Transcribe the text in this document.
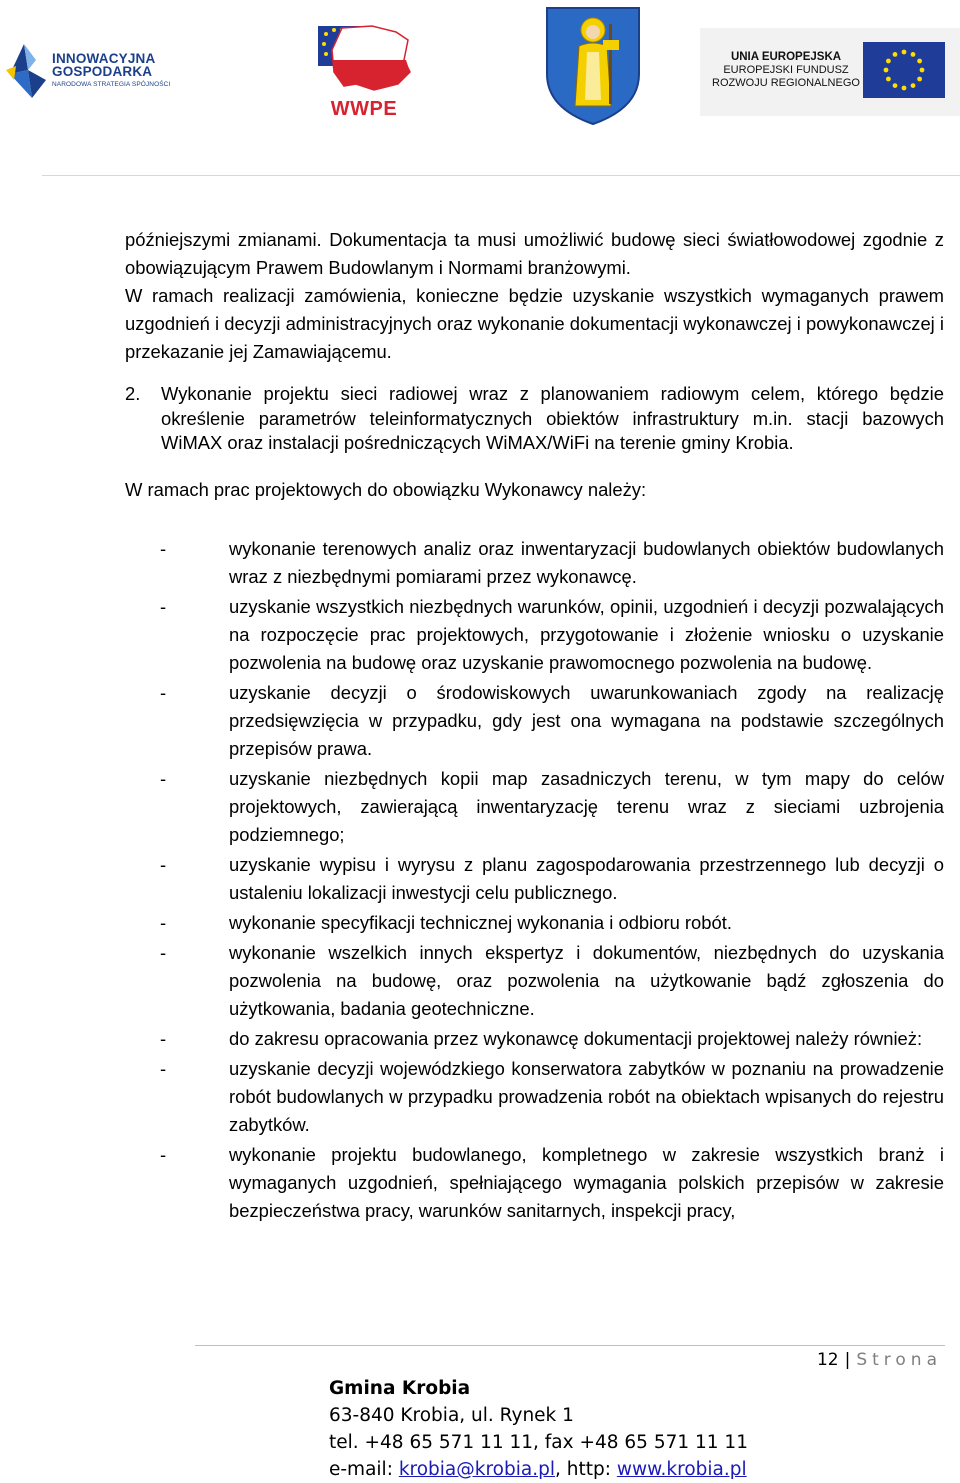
INNOWACYJNA
GOSPODARKA
NARODOWA STRATEGIA SPÓJNOŚCI
WWPE
UNIA EUROPEJSKA
EUROPEJSKI FUNDUSZ
ROZWOJU REGIONALNEGO

późniejszymi zmianami. Dokumentacja ta musi umożliwić budowę sieci światłowodowej zgodnie z obowiązującym Prawem Budowlanym i Normami branżowymi.

W ramach realizacji zamówienia, konieczne będzie uzyskanie wszystkich wymaganych prawem uzgodnień i decyzji administracyjnych oraz wykonanie dokumentacji wykonawczej i powykonawczej i przekazanie jej Zamawiającemu.

2.	Wykonanie projektu sieci radiowej wraz z planowaniem radiowym celem, którego będzie określenie parametrów teleinformatycznych obiektów infrastruktury m.in. stacji bazowych WiMAX oraz instalacji pośredniczących WiMAX/WiFi na terenie gminy Krobia.

W ramach prac projektowych do obowiązku Wykonawcy należy:

-	wykonanie terenowych analiz oraz inwentaryzacji budowlanych obiektów budowlanych wraz z niezbędnymi pomiarami przez wykonawcę.
-	uzyskanie wszystkich niezbędnych warunków, opinii, uzgodnień i decyzji pozwalających na rozpoczęcie prac projektowych, przygotowanie i złożenie wniosku o uzyskanie pozwolenia na budowę oraz uzyskanie prawomocnego pozwolenia na budowę.
-	uzyskanie decyzji o środowiskowych uwarunkowaniach zgody na realizację przedsięwzięcia w przypadku, gdy jest ona wymagana na podstawie szczególnych przepisów prawa.
-	uzyskanie niezbędnych kopii map zasadniczych terenu, w tym mapy do celów projektowych, zawierającą inwentaryzację terenu wraz z sieciami uzbrojenia podziemnego;
-	uzyskanie wypisu i wyrysu z planu zagospodarowania przestrzennego lub decyzji o ustaleniu lokalizacji inwestycji celu publicznego.
-	wykonanie specyfikacji technicznej wykonania i odbioru robót.
-	wykonanie wszelkich innych ekspertyz i dokumentów, niezbędnych do uzyskania pozwolenia na budowę, oraz pozwolenia na użytkowanie bądź zgłoszenia do użytkowania, badania geotechniczne.
-	do zakresu opracowania przez wykonawcę dokumentacji projektowej należy również:
-	uzyskanie decyzji wojewódzkiego konserwatora zabytków w poznaniu na prowadzenie robót budowlanych w przypadku prowadzenia robót na obiektach wpisanych do rejestru zabytków.
-	wykonanie projektu budowlanego, kompletnego w zakresie wszystkich branż i wymaganych uzgodnień, spełniającego wymagania polskich przepisów w zakresie bezpieczeństwa pracy, warunków sanitarnych, inspekcji pracy,
12 | Strona
Gmina Krobia
63-840 Krobia, ul. Rynek 1
tel. +48 65 571 11 11, fax +48 65 571 11 11
e-mail: krobia@krobia.pl, http: www.krobia.pl
